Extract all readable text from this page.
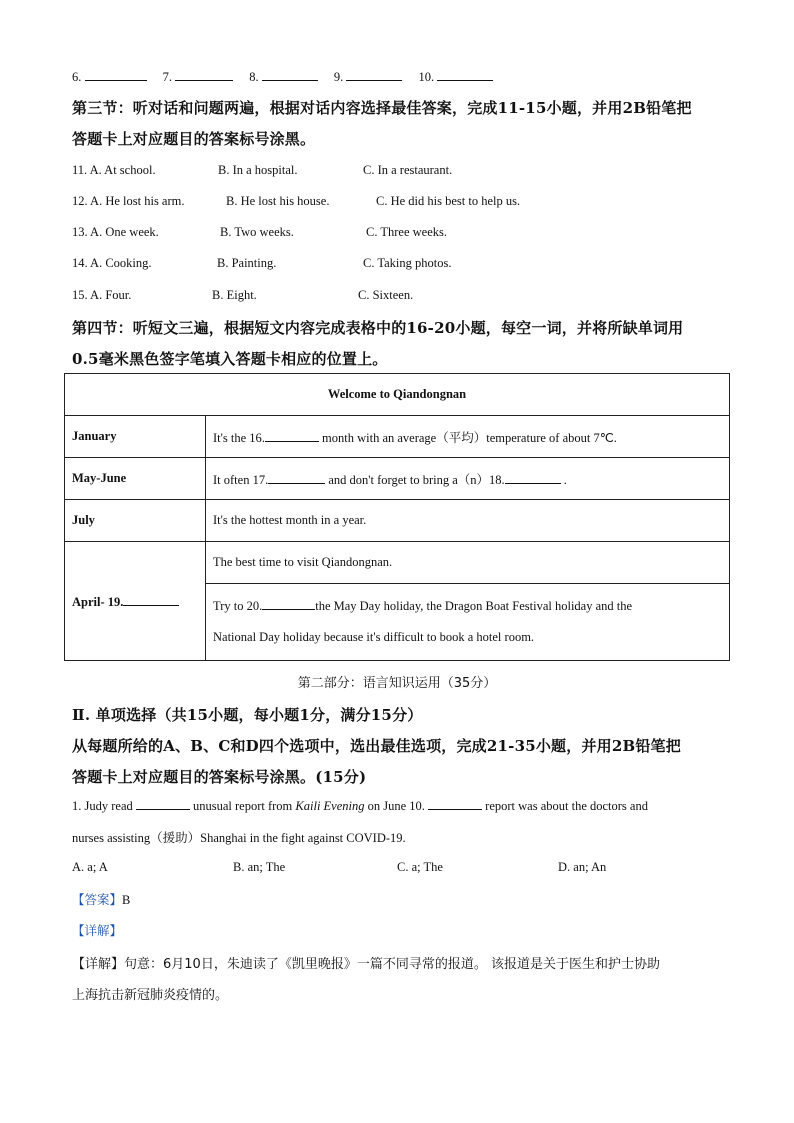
6.	7.	8.	9.	10.
第三节：听对话和问题两遍，根据对话内容选择最佳答案，完成11-15小题，并用2B铅笔把
答题卡上对应题目的答案标号涂黑。
11. A. At school.	B. In a hospital.	C. In a restaurant.
12. A. He lost his arm.	B. He lost his house.	C. He did his best to help us.
13. A. One week.	B. Two weeks.	C. Three weeks.
14. A. Cooking.	B. Painting.	C. Taking photos.
15. A. Four.	B. Eight.	C. Sixteen.
第四节：听短文三遍，根据短文内容完成表格中的16-20小题，每空一词，并将所缺单词用
0.5毫米黑色签字笔填入答题卡相应的位置上。
Welcome to Qiandongnan	
January	It's the 16. month with an average（平均）temperature of about 7℃.
May-June	It often 17. and don't forget to bring a（n）18. .
July	It's the hottest month in a year.
April- 19.	The best time to visit Qiandongnan.
	Try to 20. the May Day holiday, the Dragon Boat Festival holiday and the
National Day holiday because it's difficult to book a hotel room.
第二部分：语言知识运用（35分）
Ⅱ. 单项选择（共15小题，每小题1分，满分15分）
从每题所给的A、B、C和D四个选项中，选出最佳选项，完成21-35小题，并用2B铅笔把
答题卡上对应题目的答案标号涂黑。(15分)
1. Judy read	unusual report from Kaili Evening on June 10.	report was about the doctors and
nurses assisting（援助）Shanghai in the fight against COVID-19.
A. a; A	B. an; The	C. a; The	D. an; An
【答案】B
【详解】
【详解】句意：6月10日，朱迪读了《凯里晚报》一篇不同寻常的报道。 该报道是关于医生和护士协助
上海抗击新冠肺炎疫情的。
